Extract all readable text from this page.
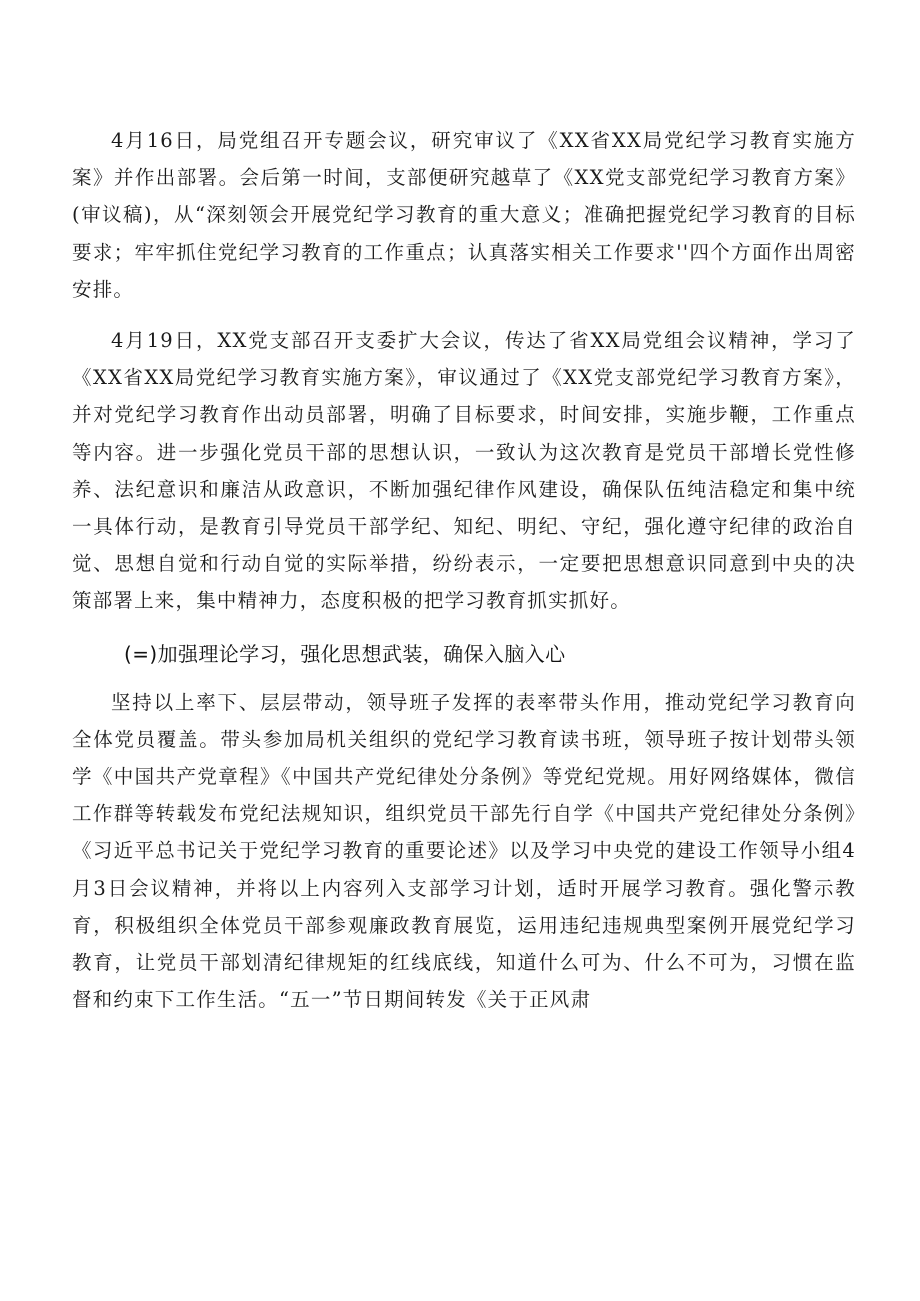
4月16日，局党组召开专题会议，研究审议了《XX省XX局党纪学习教育实施方案》并作出部署。会后第一时间，支部便研究越草了《XX党支部党纪学习教育方案》(审议稿)，从“深刻领会开展党纪学习教育的重大意义；准确把握党纪学习教育的目标要求；牢牢抓住党纪学习教育的工作重点；认真落实相关工作要求''四个方面作出周密安排。

4月19日，XX党支部召开支委扩大会议，传达了省XX局党组会议精神，学习了《XX省XX局党纪学习教育实施方案》，审议通过了《XX党支部党纪学习教育方案》，并对党纪学习教育作出动员部署，明确了目标要求，时间安排，实施步鞭，工作重点等内容。进一步强化党员干部的思想认识，一致认为这次教育是党员干部增长党性修养、法纪意识和廉洁从政意识，不断加强纪律作风建设，确保队伍纯洁稳定和集中统一具体行动，是教育引导党员干部学纪、知纪、明纪、守纪，强化遵守纪律的政治自觉、思想自觉和行动自觉的实际举措，纷纷表示，一定要把思想意识同意到中央的决策部署上来，集中精神力，态度积极的把学习教育抓实抓好。

(=)加强理论学习，强化思想武装，确保入脑入心

坚持以上率下、层层带动，领导班子发挥的表率带头作用，推动党纪学习教育向全体党员覆盖。带头参加局机关组织的党纪学习教育读书班，领导班子按计划带头领学《中国共产党章程》《中国共产党纪律处分条例》等党纪党规。用好网络媒体，微信工作群等转载发布党纪法规知识，组织党员干部先行自学《中国共产党纪律处分条例》《习近平总书记关于党纪学习教育的重要论述》以及学习中央党的建设工作领导小组4月3日会议精神，并将以上内容列入支部学习计划，适时开展学习教育。强化警示教育，积极组织全体党员干部参观廉政教育展览，运用违纪违规典型案例开展党纪学习教育，让党员干部划清纪律规矩的红线底线，知道什么可为、什么不可为，习惯在监督和约束下工作生活。“五一”节日期间转发《关于正风肃
